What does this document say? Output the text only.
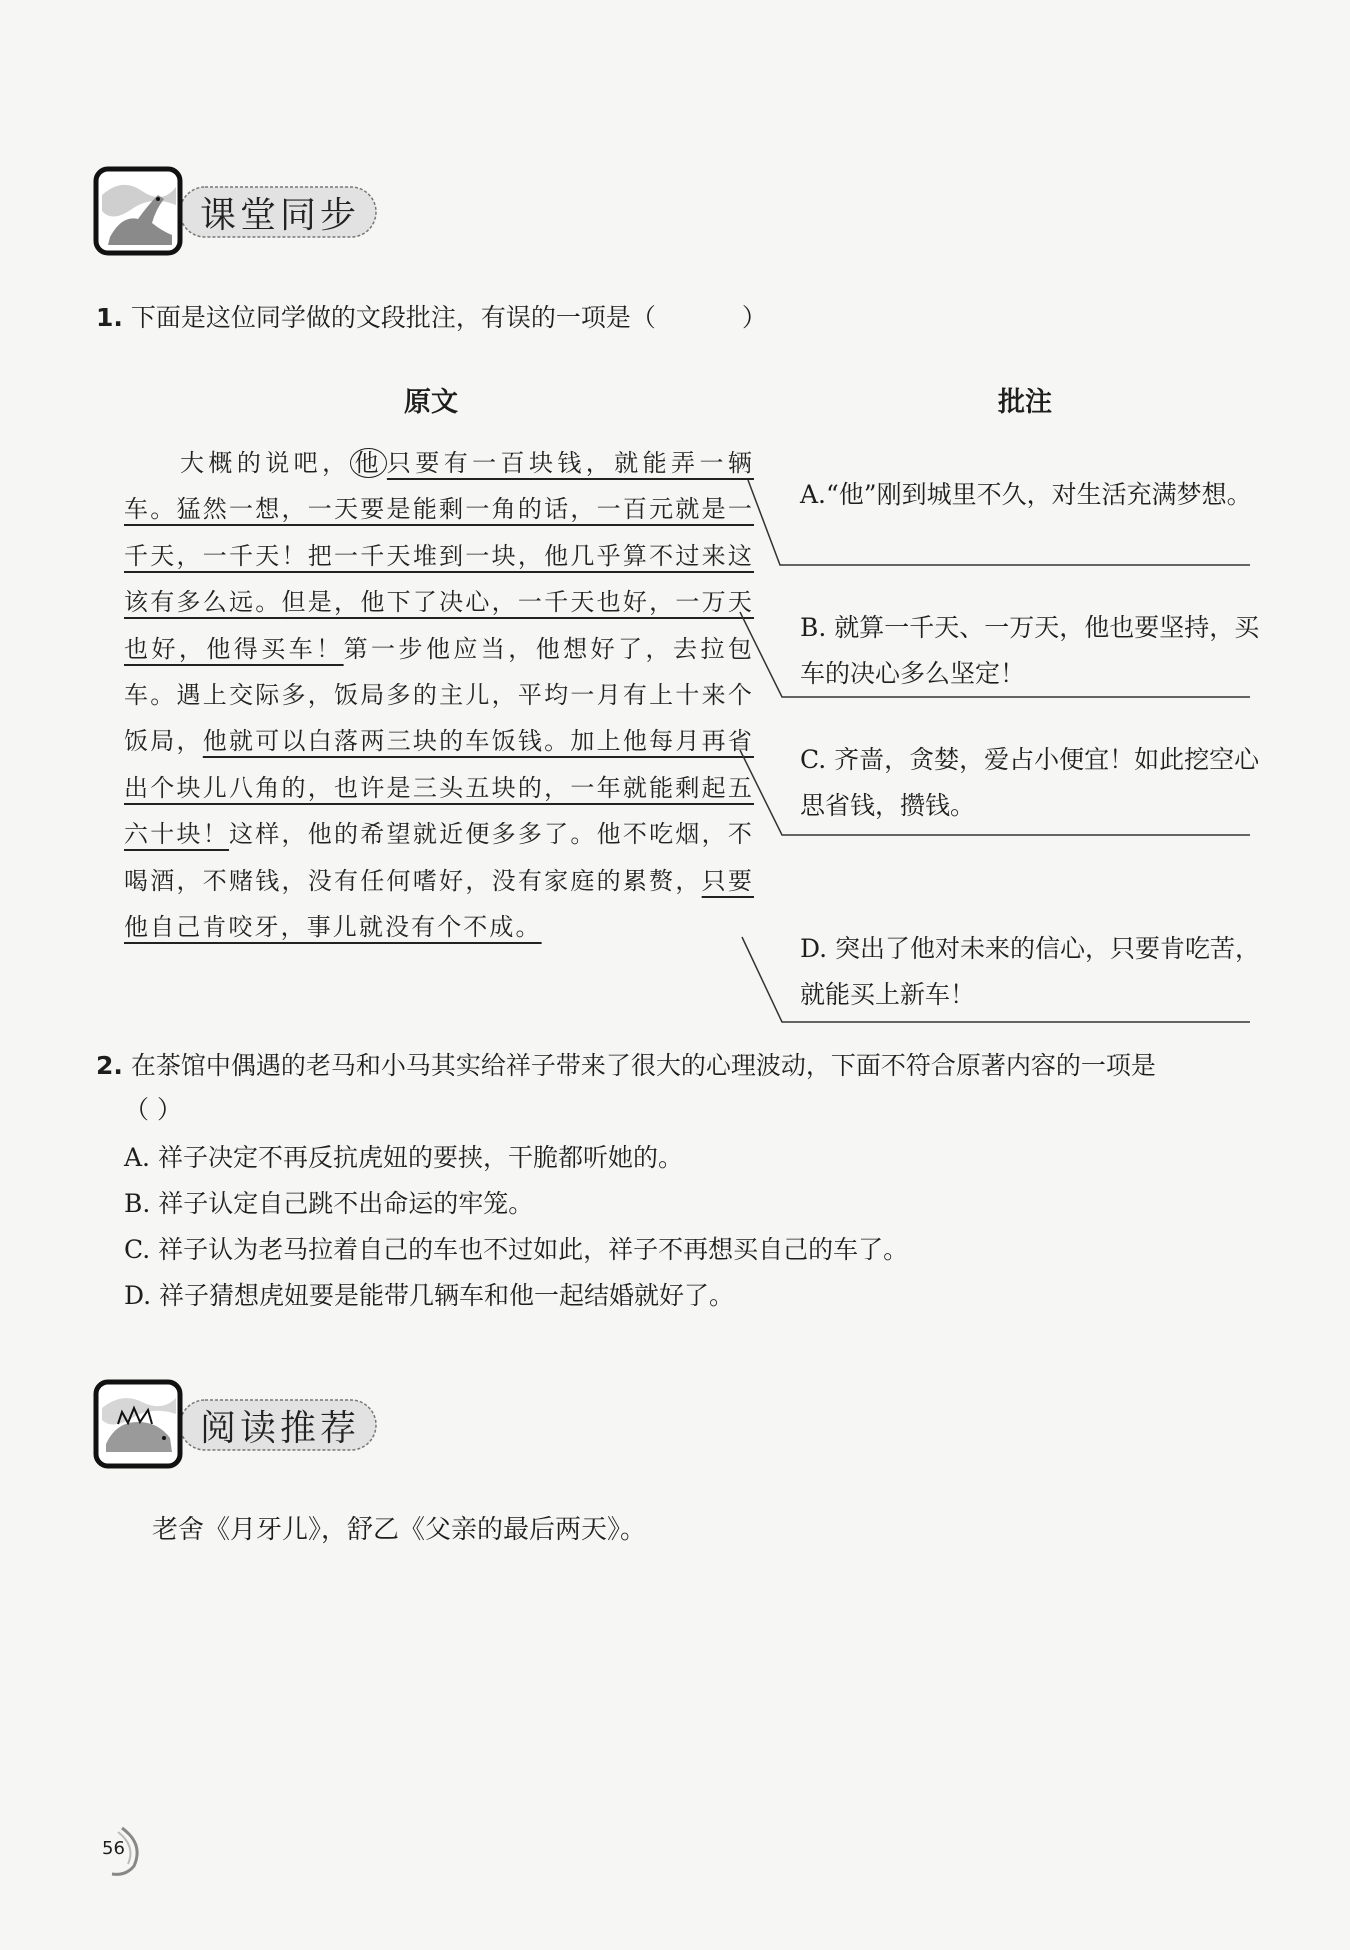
课堂同步
1. 下面是这位同学做的文段批注，有误的一项是（	）
原文	批注
大概的说吧， 他 只要有一百块钱，就能弄一辆车。猛然一想，一天要是能剩一角的话，一百元就是一千天，一千天！把一千天堆到一块，他几乎算不过来这该有多么远。但是，他下了决心，一千天也好，一万天也好，他得买车！第一步他应当，他想好了，去拉包车。遇上交际多，饭局多的主儿，平均一月有上十来个饭局，他就可以白落两三块的车饭钱。加上他每月再省出个块儿八角的，也许是三头五块的，一年就能剩起五六十块！这样，他的希望就近便多多了。他不吃烟，不喝酒，不赌钱，没有任何嗜好，没有家庭的累赘，只要他自己肯咬牙，事儿就没有个不成。
A.“他”刚到城里不久，对生活充满梦想。
B. 就算一千天、一万天，他也要坚持，买车的决心多么坚定！
C. 齐啬，贪婪，爱占小便宜！如此挖空心思省钱，攒钱。
D. 突出了他对未来的信心，只要肯吃苦，就能买上新车！
2. 在茶馆中偶遇的老马和小马其实给祥子带来了很大的心理波动，下面不符合原著内容的一项是
（ ）
A. 祥子决定不再反抗虎妞的要挟，干脆都听她的。
B. 祥子认定自己跳不出命运的牢笼。
C. 祥子认为老马拉着自己的车也不过如此，祥子不再想买自己的车了。
D. 祥子猜想虎妞要是能带几辆车和他一起结婚就好了。
阅读推荐
老舍《月牙儿》，舒乙《父亲的最后两天》。
56
